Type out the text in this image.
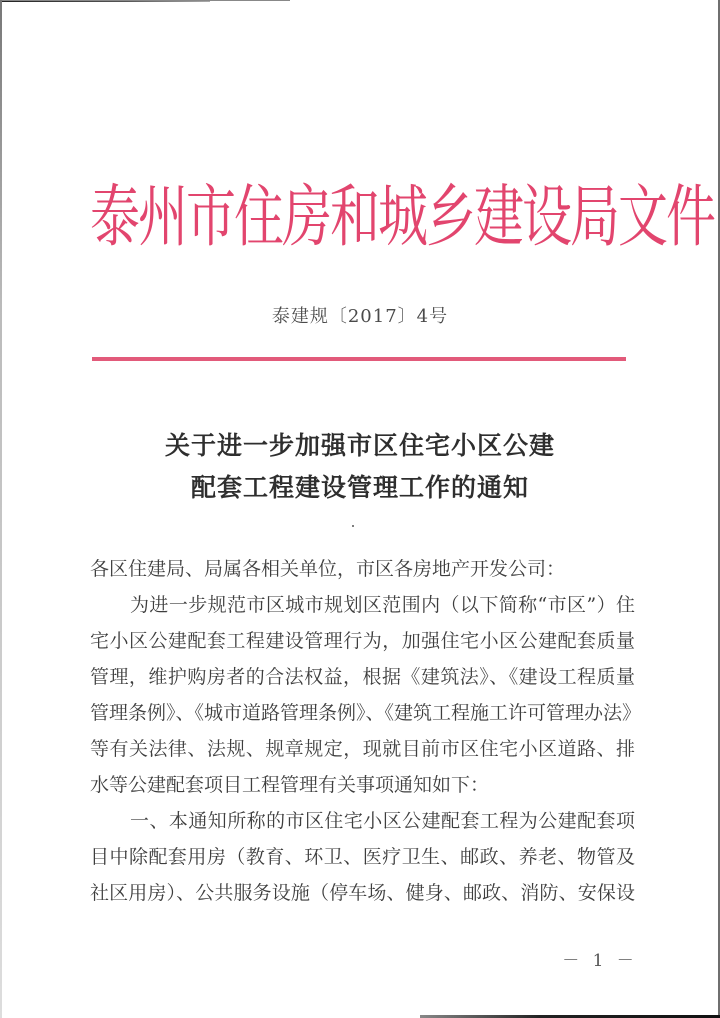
泰州市住房和城乡建设局文件
泰建规〔2017〕4号
关于进一步加强市区住宅小区公建
配套工程建设管理工作的通知
各区住建局、局属各相关单位，市区各房地产开发公司：
为进一步规范市区城市规划区范围内（以下简称“市区”）住
宅小区公建配套工程建设管理行为，加强住宅小区公建配套质量
管理，维护购房者的合法权益，根据《建筑法》、《建设工程质量
管理条例》、《城市道路管理条例》、《建筑工程施工许可管理办法》
等有关法律、法规、规章规定，现就目前市区住宅小区道路、排
水等公建配套项目工程管理有关事项通知如下：
一、本通知所称的市区住宅小区公建配套工程为公建配套项
目中除配套用房（教育、环卫、医疗卫生、邮政、养老、物管及
社区用房）、公共服务设施（停车场、健身、邮政、消防、安保设
－ 1 －
